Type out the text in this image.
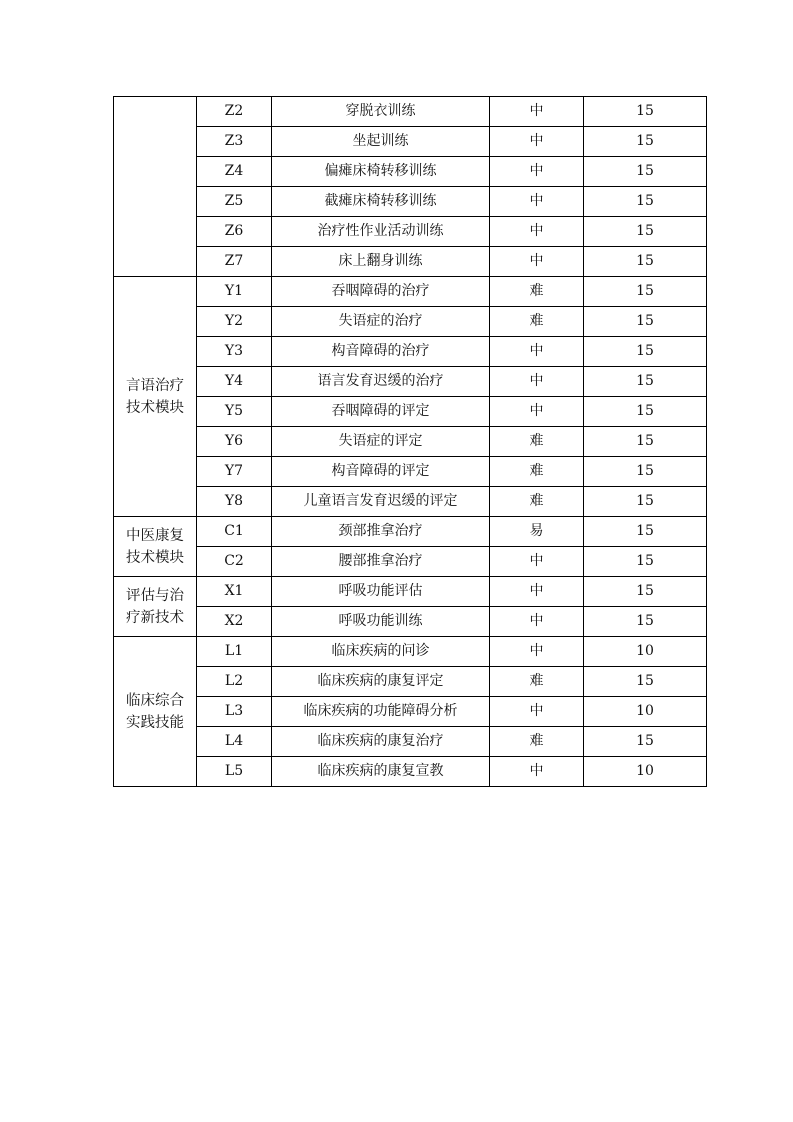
	Z2	穿脱衣训练	中	15
	Z3	坐起训练	中	15
	Z4	偏瘫床椅转移训练	中	15
	Z5	截瘫床椅转移训练	中	15
	Z6	治疗性作业活动训练	中	15
	Z7	床上翻身训练	中	15

言语治疗
技术模块	Y1	吞咽障碍的治疗	难	15
	Y2	失语症的治疗	难	15
	Y3	构音障碍的治疗	中	15
	Y4	语言发育迟缓的治疗	中	15
	Y5	吞咽障碍的评定	中	15
	Y6	失语症的评定	难	15
	Y7	构音障碍的评定	难	15
	Y8	儿童语言发育迟缓的评定	难	15

中医康复
技术模块	C1	颈部推拿治疗	易	15
	C2	腰部推拿治疗	中	15

评估与治
疗新技术	X1	呼吸功能评估	中	15
	X2	呼吸功能训练	中	15

临床综合
实践技能	L1	临床疾病的问诊	中	10
	L2	临床疾病的康复评定	难	15
	L3	临床疾病的功能障碍分析	中	10
	L4	临床疾病的康复治疗	难	15
	L5	临床疾病的康复宣教	中	10
